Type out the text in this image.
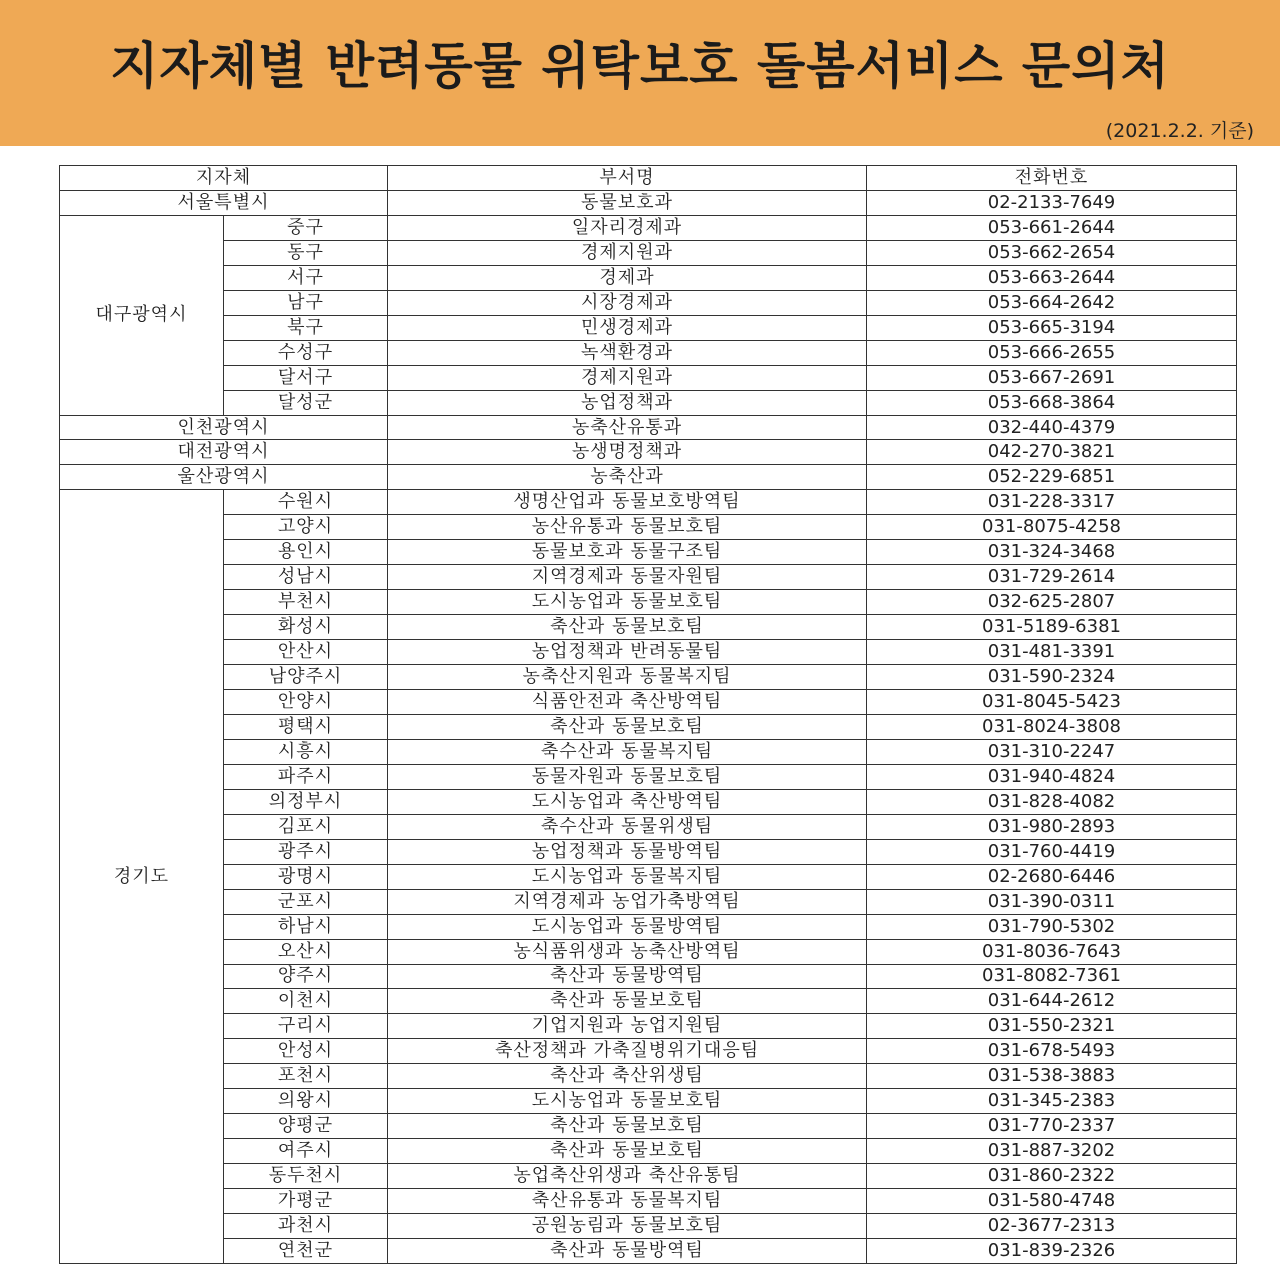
지자체별 반려동물 위탁보호 돌봄서비스 문의처
(2021.2.2. 기준)
지자체		부서명	전화번호
서울특별시		동물보호과	02-2133-7649
대구광역시	중구	일자리경제과	053-661-2644
	동구	경제지원과	053-662-2654
	서구	경제과	053-663-2644
	남구	시장경제과	053-664-2642
	북구	민생경제과	053-665-3194
	수성구	녹색환경과	053-666-2655
	달서구	경제지원과	053-667-2691
	달성군	농업정책과	053-668-3864
인천광역시		농축산유통과	032-440-4379
대전광역시		농생명정책과	042-270-3821
울산광역시		농축산과	052-229-6851
경기도	수원시	생명산업과 동물보호방역팀	031-228-3317
	고양시	농산유통과 동물보호팀	031-8075-4258
	용인시	동물보호과 동물구조팀	031-324-3468
	성남시	지역경제과 동물자원팀	031-729-2614
	부천시	도시농업과 동물보호팀	032-625-2807
	화성시	축산과 동물보호팀	031-5189-6381
	안산시	농업정책과 반려동물팀	031-481-3391
	남양주시	농축산지원과 동물복지팀	031-590-2324
	안양시	식품안전과 축산방역팀	031-8045-5423
	평택시	축산과 동물보호팀	031-8024-3808
	시흥시	축수산과 동물복지팀	031-310-2247
	파주시	동물자원과 동물보호팀	031-940-4824
	의정부시	도시농업과 축산방역팀	031-828-4082
	김포시	축수산과 동물위생팀	031-980-2893
	광주시	농업정책과 동물방역팀	031-760-4419
	광명시	도시농업과 동물복지팀	02-2680-6446
	군포시	지역경제과 농업가축방역팀	031-390-0311
	하남시	도시농업과 동물방역팀	031-790-5302
	오산시	농식품위생과 농축산방역팀	031-8036-7643
	양주시	축산과 동물방역팀	031-8082-7361
	이천시	축산과 동물보호팀	031-644-2612
	구리시	기업지원과 농업지원팀	031-550-2321
	안성시	축산정책과 가축질병위기대응팀	031-678-5493
	포천시	축산과 축산위생팀	031-538-3883
	의왕시	도시농업과 동물보호팀	031-345-2383
	양평군	축산과 동물보호팀	031-770-2337
	여주시	축산과 동물보호팀	031-887-3202
	동두천시	농업축산위생과 축산유통팀	031-860-2322
	가평군	축산유통과 동물복지팀	031-580-4748
	과천시	공원농림과 동물보호팀	02-3677-2313
	연천군	축산과 동물방역팀	031-839-2326
